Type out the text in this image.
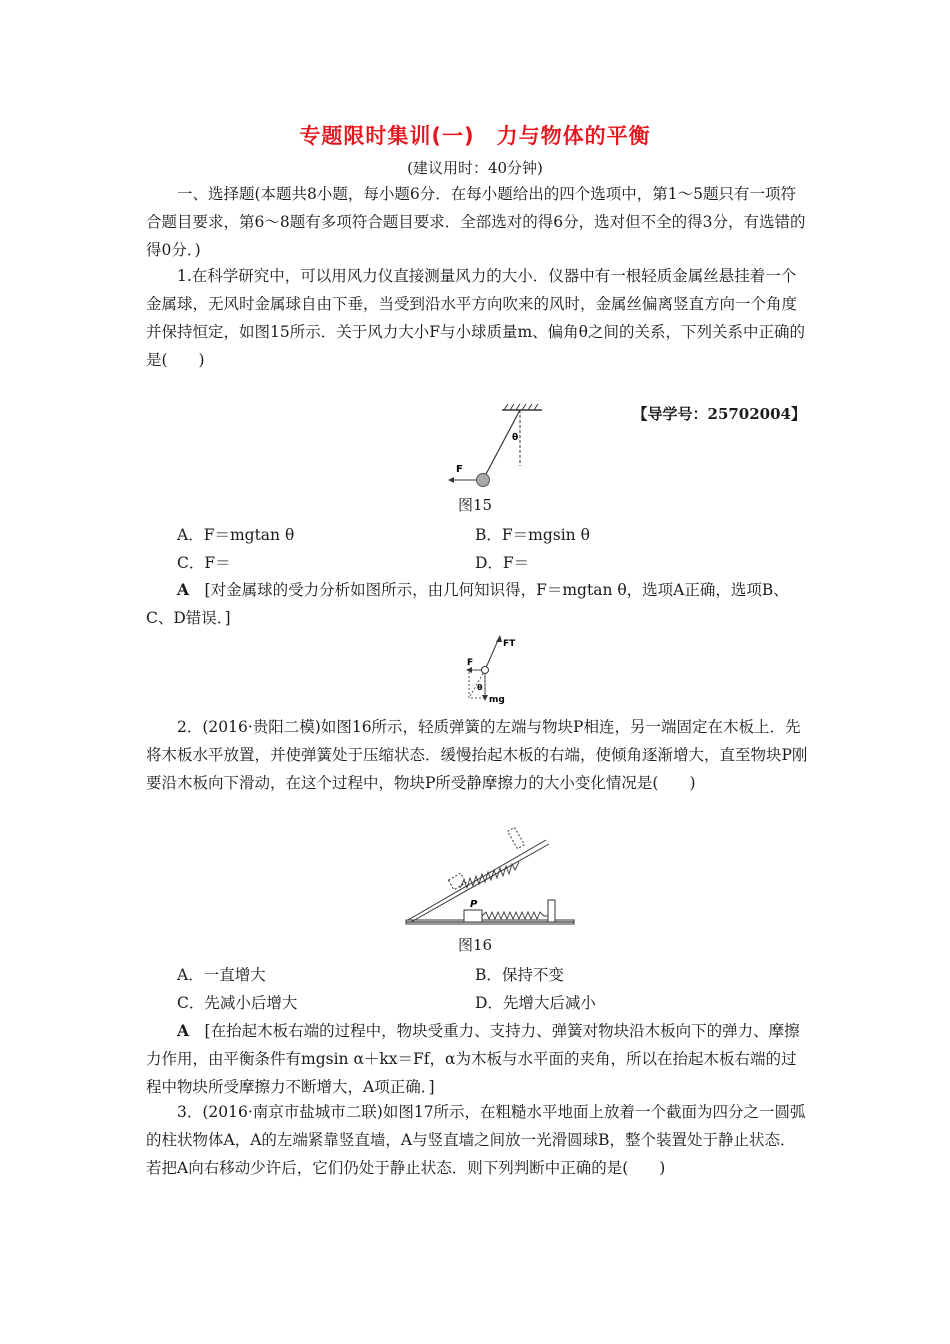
专题限时集训(一)　力与物体的平衡
(建议用时：40分钟)
一、选择题(本题共8小题，每小题6分．在每小题给出的四个选项中，第1～5题只有一项符合题目要求，第6～8题有多项符合题目要求．全部选对的得6分，选对但不全的得3分，有选错的得0分．)
1.在科学研究中，可以用风力仪直接测量风力的大小．仪器中有一根轻质金属丝悬挂着一个金属球，无风时金属球自由下垂，当受到沿水平方向吹来的风时，金属丝偏离竖直方向一个角度并保持恒定，如图15所示．关于风力大小F与小球质量m、偏角θ之间的关系，下列关系中正确的是(　　)
【导学号：25702004】
F
θ
图15
A．F＝mgtan θ	B．F＝mgsin θ
C．F＝	D．F＝
A　 [对金属球的受力分析如图所示，由几何知识得，F＝mgtan θ，选项A正确，选项B、C、D错误．]
FT
F
θ
mg
2．(2016·贵阳二模)如图16所示，轻质弹簧的左端与物块P相连，另一端固定在木板上．先将木板水平放置，并使弹簧处于压缩状态．缓慢抬起木板的右端，使倾角逐渐增大，直至物块P刚要沿木板向下滑动，在这个过程中，物块P所受静摩擦力的大小变化情况是(　　)
P
图16
A．一直增大	B．保持不变
C．先减小后增大	D．先增大后减小
A　 [在抬起木板右端的过程中，物块受重力、支持力、弹簧对物块沿木板向下的弹力、摩擦力作用，由平衡条件有mgsin α＋kx＝Ff，α为木板与水平面的夹角，所以在抬起木板右端的过程中物块所受摩擦力不断增大，A项正确．]
3．(2016·南京市盐城市二联)如图17所示，在粗糙水平地面上放着一个截面为四分之一圆弧的柱状物体A，A的左端紧靠竖直墙，A与竖直墙之间放一光滑圆球B，整个装置处于静止状态．若把A向右移动少许后，它们仍处于静止状态．则下列判断中正确的是(　　)
